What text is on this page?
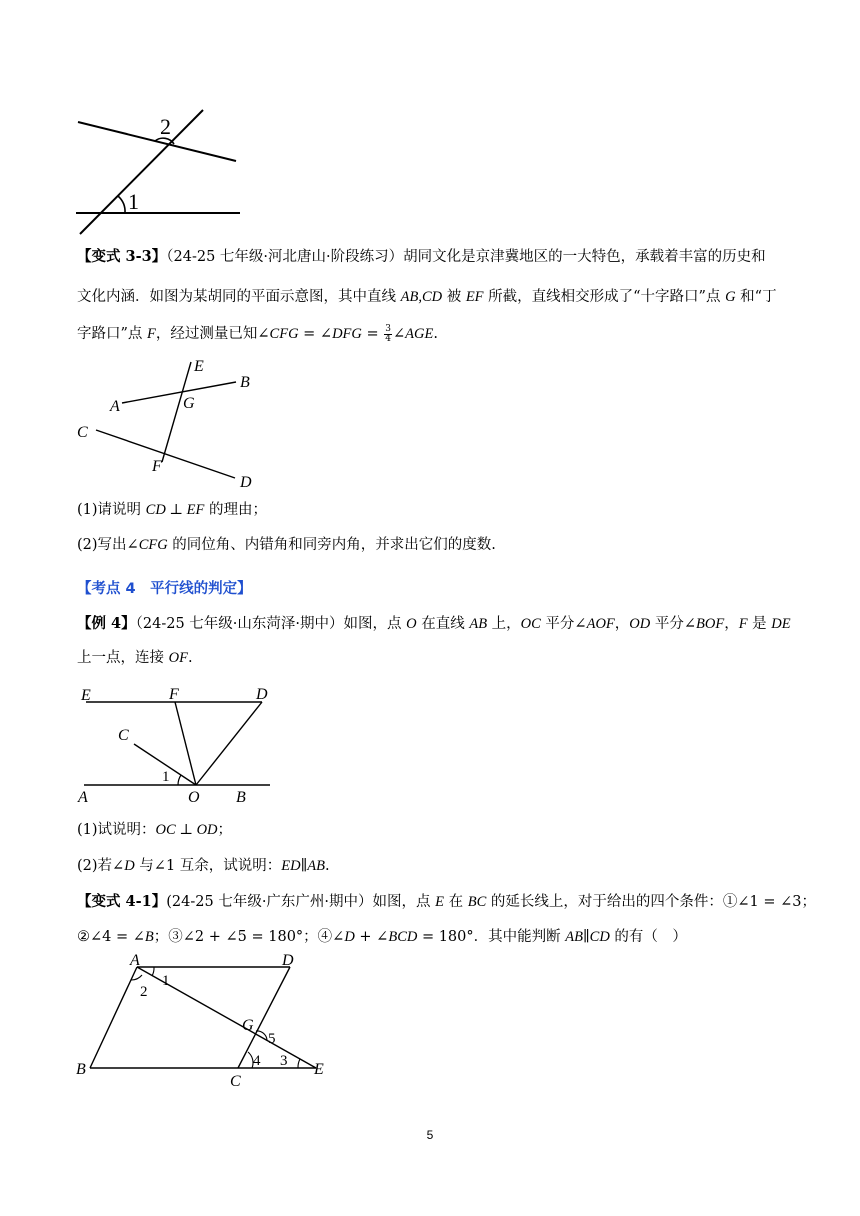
1
2
【变式 3-3】（24-25 七年级·河北唐山·阶段练习）胡同文化是京津冀地区的一大特色，承载着丰富的历史和
文化内涵．如图为某胡同的平面示意图，其中直线 AB,CD 被 EF 所截，直线相交形成了“十字路口”点 G 和“丁
字路口”点 F，经过测量已知∠CFG = ∠DFG = $\frac{3}{4}$ ∠AGE.
E
B
A	G
C
F
D
(1)请说明 CD ⊥ EF 的理由；
(2)写出∠CFG 的同位角、内错角和同旁内角，并求出它们的度数.
【考点 4　平行线的判定】
【例 4】（24-25 七年级·山东菏泽·期中）如图，点 O 在直线 AB 上，OC 平分∠AOF，OD 平分∠BOF，F 是 DE
上一点，连接 OF.
E	F	D
C
1
A	O B
(1)试说明：OC ⊥ OD；
(2)若∠D 与∠1 互余，试说明：ED∥AB.
【变式 4-1】(24-25 七年级·广东广州·期中）如图，点 E 在 BC 的延长线上，对于给出的四个条件：①∠1 = ∠3；
②∠4 = ∠B；③∠2 + ∠5 = 180°；④∠D + ∠BCD = 180°．其中能判断 AB∥CD 的有（　）
A	D
1
2
G
5
B	4 3
C
E
5
